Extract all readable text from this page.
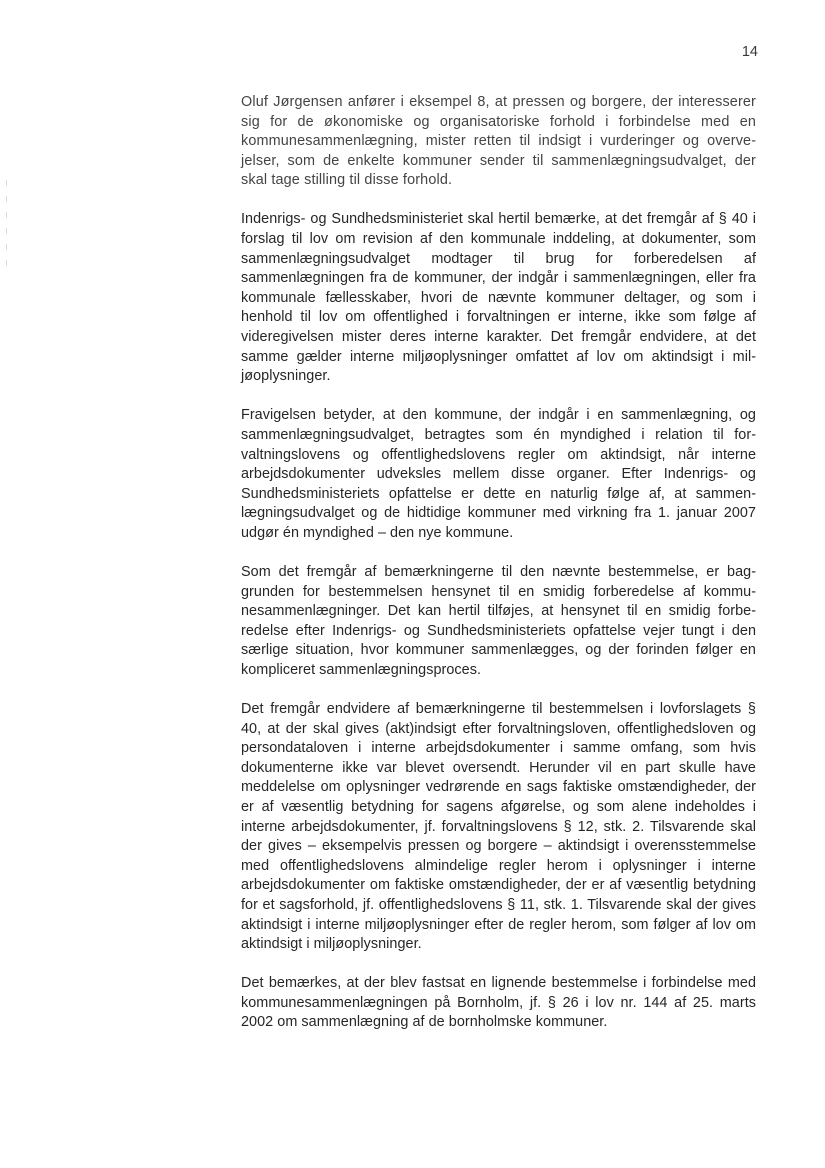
14

Oluf Jørgensen anfører i eksempel 8, at pressen og borgere, der interesserer sig for de økonomiske og organisatoriske forhold i forbindelse med en kommunesammenlægning, mister retten til indsigt i vurderinger og overvejelser, som de enkelte kommuner sender til sammenlægningsudvalget, der skal tage stilling til disse forhold.

Indenrigs- og Sundhedsministeriet skal hertil bemærke, at det fremgår af § 40 i forslag til lov om revision af den kommunale inddeling, at dokumenter, som sammenlægningsudvalget modtager til brug for forberedelsen af sammenlægningen fra de kommuner, der indgår i sammenlægningen, eller fra kommunale fællesskaber, hvori de nævnte kommuner deltager, og som i henhold til lov om offentlighed i forvaltningen er interne, ikke som følge af videregivelsen mister deres interne karakter. Det fremgår endvidere, at det samme gælder interne miljøoplysninger omfattet af lov om aktindsigt i miljøoplysninger.

Fravigelsen betyder, at den kommune, der indgår i en sammenlægning, og sammenlægningsudvalget, betragtes som én myndighed i relation til forvaltningslovens og offentlighedslovens regler om aktindsigt, når interne arbejdsdokumenter udveksles mellem disse organer. Efter Indenrigs- og Sundhedsministeriets opfattelse er dette en naturlig følge af, at sammenlægningsudvalget og de hidtidige kommuner med virkning fra 1. januar 2007 udgør én myndighed – den nye kommune.

Som det fremgår af bemærkningerne til den nævnte bestemmelse, er baggrunden for bestemmelsen hensynet til en smidig forberedelse af kommunesammenlægninger. Det kan hertil tilføjes, at hensynet til en smidig forberedelse efter Indenrigs- og Sundhedsministeriets opfattelse vejer tungt i den særlige situation, hvor kommuner sammenlægges, og der forinden følger en kompliceret sammenlægningsproces.

Det fremgår endvidere af bemærkningerne til bestemmelsen i lovforslagets § 40, at der skal gives (akt)indsigt efter forvaltningsloven, offentlighedsloven og persondataloven i interne arbejdsdokumenter i samme omfang, som hvis dokumenterne ikke var blevet oversendt. Herunder vil en part skulle have meddelelse om oplysninger vedrørende en sags faktiske omstændigheder, der er af væsentlig betydning for sagens afgørelse, og som alene indeholdes i interne arbejdsdokumenter, jf. forvaltningslovens § 12, stk. 2. Tilsvarende skal der gives – eksempelvis pressen og borgere – aktindsigt i overensstemmelse med offentlighedslovens almindelige regler herom i oplysninger i interne arbejdsdokumenter om faktiske omstændigheder, der er af væsentlig betydning for et sagsforhold, jf. offentlighedslovens § 11, stk. 1. Tilsvarende skal der gives aktindsigt i interne miljøoplysninger efter de regler herom, som følger af lov om aktindsigt i miljøoplysninger.

Det bemærkes, at der blev fastsat en lignende bestemmelse i forbindelse med kommunesammenlægningen på Bornholm, jf. § 26 i lov nr. 144 af 25. marts 2002 om sammenlægning af de bornholmske kommuner.
